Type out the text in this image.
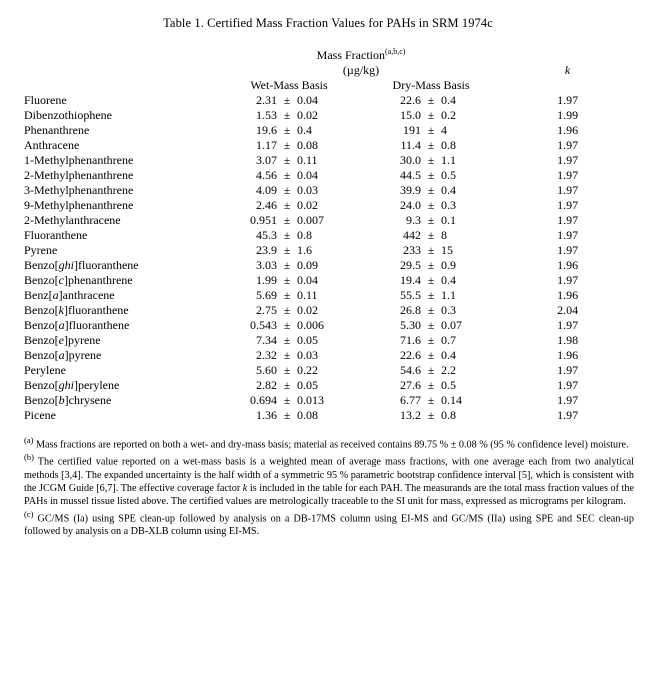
Table 1. Certified Mass Fraction Values for PAHs in SRM 1974c
	Mass Fraction$^{(a,b,c)}$						k
	(µg/kg)						
	Wet-Mass Basis			Dry-Mass Basis			
Fluorene	2.31	±	0.04	22.6	±	0.4	1.97
Dibenzothiophene	1.53	±	0.02	15.0	±	0.2	1.99
Phenanthrene	19.6	±	0.4	191	±	4	1.96
Anthracene	1.17	±	0.08	11.4	±	0.8	1.97
1-Methylphenanthrene	3.07	±	0.11	30.0	±	1.1	1.97
2-Methylphenanthrene	4.56	±	0.04	44.5	±	0.5	1.97
3-Methylphenanthrene	4.09	±	0.03	39.9	±	0.4	1.97
9-Methylphenanthrene	2.46	±	0.02	24.0	±	0.3	1.97
2-Methylanthracene	0.951	±	0.007	9.3	±	0.1	1.97
Fluoranthene	45.3	±	0.8	442	±	8	1.97
Pyrene	23.9	±	1.6	233	±	15	1.97
Benzo[ghi]fluoranthene	3.03	±	0.09	29.5	±	0.9	1.96
Benzo[c]phenanthrene	1.99	±	0.04	19.4	±	0.4	1.97
Benz[a]anthracene	5.69	±	0.11	55.5	±	1.1	1.96
Benzo[k]fluoranthene	2.75	±	0.02	26.8	±	0.3	2.04
Benzo[a]fluoranthene	0.543	±	0.006	5.30	±	0.07	1.97
Benzo[e]pyrene	7.34	±	0.05	71.6	±	0.7	1.98
Benzo[a]pyrene	2.32	±	0.03	22.6	±	0.4	1.96
Perylene	5.60	±	0.22	54.6	±	2.2	1.97
Benzo[ghi]perylene	2.82	±	0.05	27.6	±	0.5	1.97
Benzo[b]chrysene	0.694	±	0.013	6.77	±	0.14	1.97
Picene	1.36	±	0.08	13.2	±	0.8	1.97
$^{(a)}$ Mass fractions are reported on both a wet- and dry-mass basis; material as received contains 89.75 % ± 0.08 % (95 % confidence level) moisture.
$^{(b)}$ The certified value reported on a wet-mass basis is a weighted mean of average mass fractions, with one average each from two analytical methods [3,4]. The expanded uncertainty is the half width of a symmetric 95 % parametric bootstrap confidence interval [5], which is consistent with the JCGM Guide [6,7]. The effective coverage factor k is included in the table for each PAH. The measurands are the total mass fraction values of the PAHs in mussel tissue listed above. The certified values are metrologically traceable to the SI unit for mass, expressed as micrograms per kilogram.
$^{(c)}$ GC/MS (Ia) using SPE clean-up followed by analysis on a DB-17MS column using EI-MS and GC/MS (IIa) using SPE and SEC clean-up followed by analysis on a DB-XLB column using EI-MS.
